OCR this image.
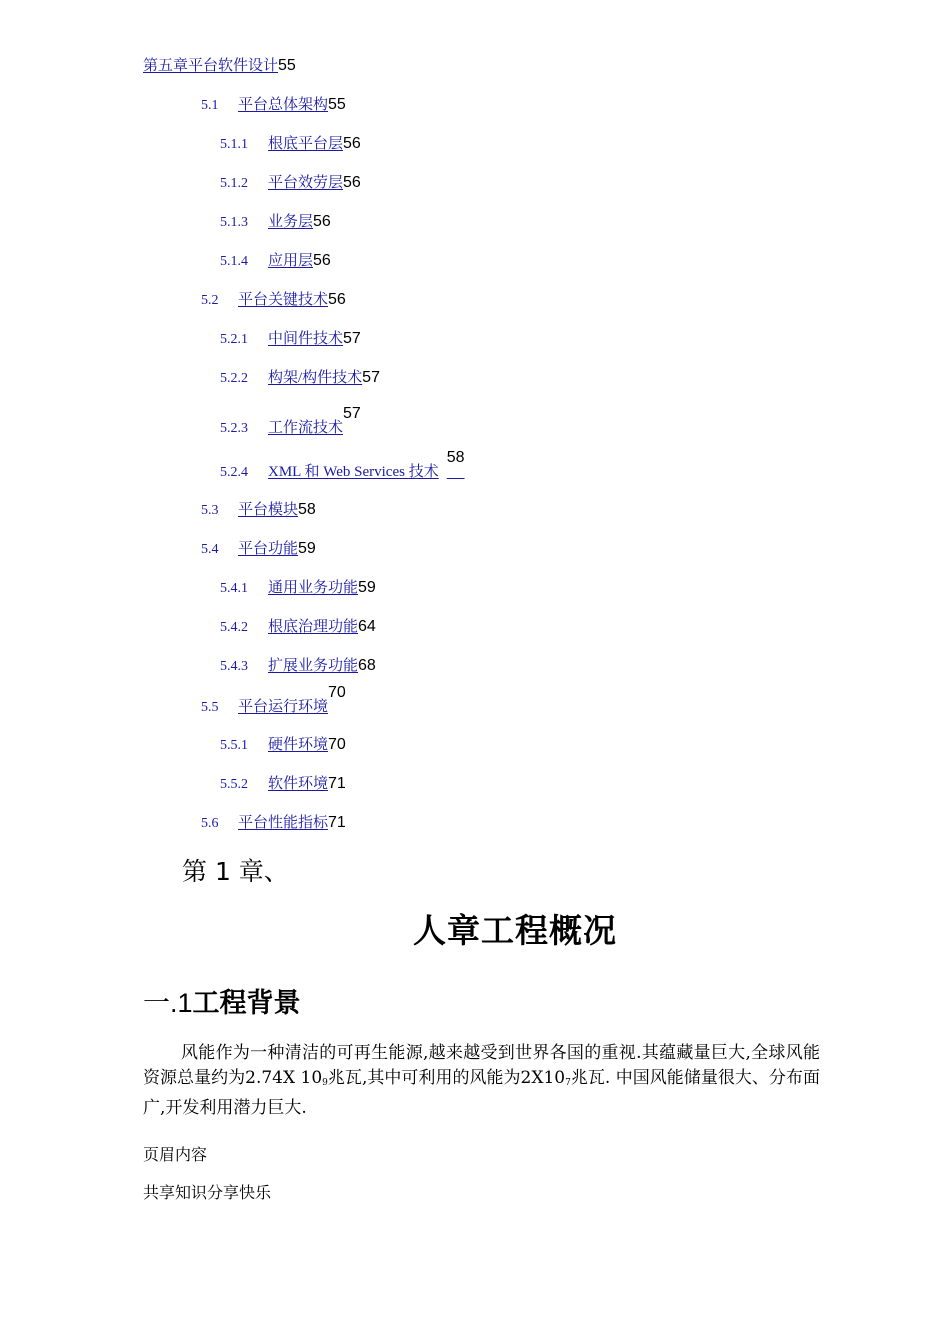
第五章平台软件设计55
5.1 平台总体架构55
5.1.1 根底平台层56
5.1.2 平台效劳层56
5.1.3 业务层56
5.1.4 应用层56
5.2 平台关键技术56
5.2.1 中间件技术57
5.2.2 构架/构件技术57
5.2.3 工作流技术57
5.2.4 XML 和 Web Services 技术58
5.3 平台模块58
5.4 平台功能59
5.4.1 通用业务功能59
5.4.2 根底治理功能64
5.4.3 扩展业务功能68
5.5 平台运行环境70
5.5.1 硬件环境70
5.5.2 软件环境71
5.6 平台性能指标71
第 1 章、
人章工程概况
一.1工程背景
风能作为一种清洁的可再生能源,越来越受到世界各国的重视.其蕴藏量巨大,全球风能资源总量约为2.74X $10_9$兆瓦,其中可利用的风能为$2X10_7$兆瓦. 中国风能储量很大、分布面广,开发利用潜力巨大.
页眉内容
共享知识分享快乐
